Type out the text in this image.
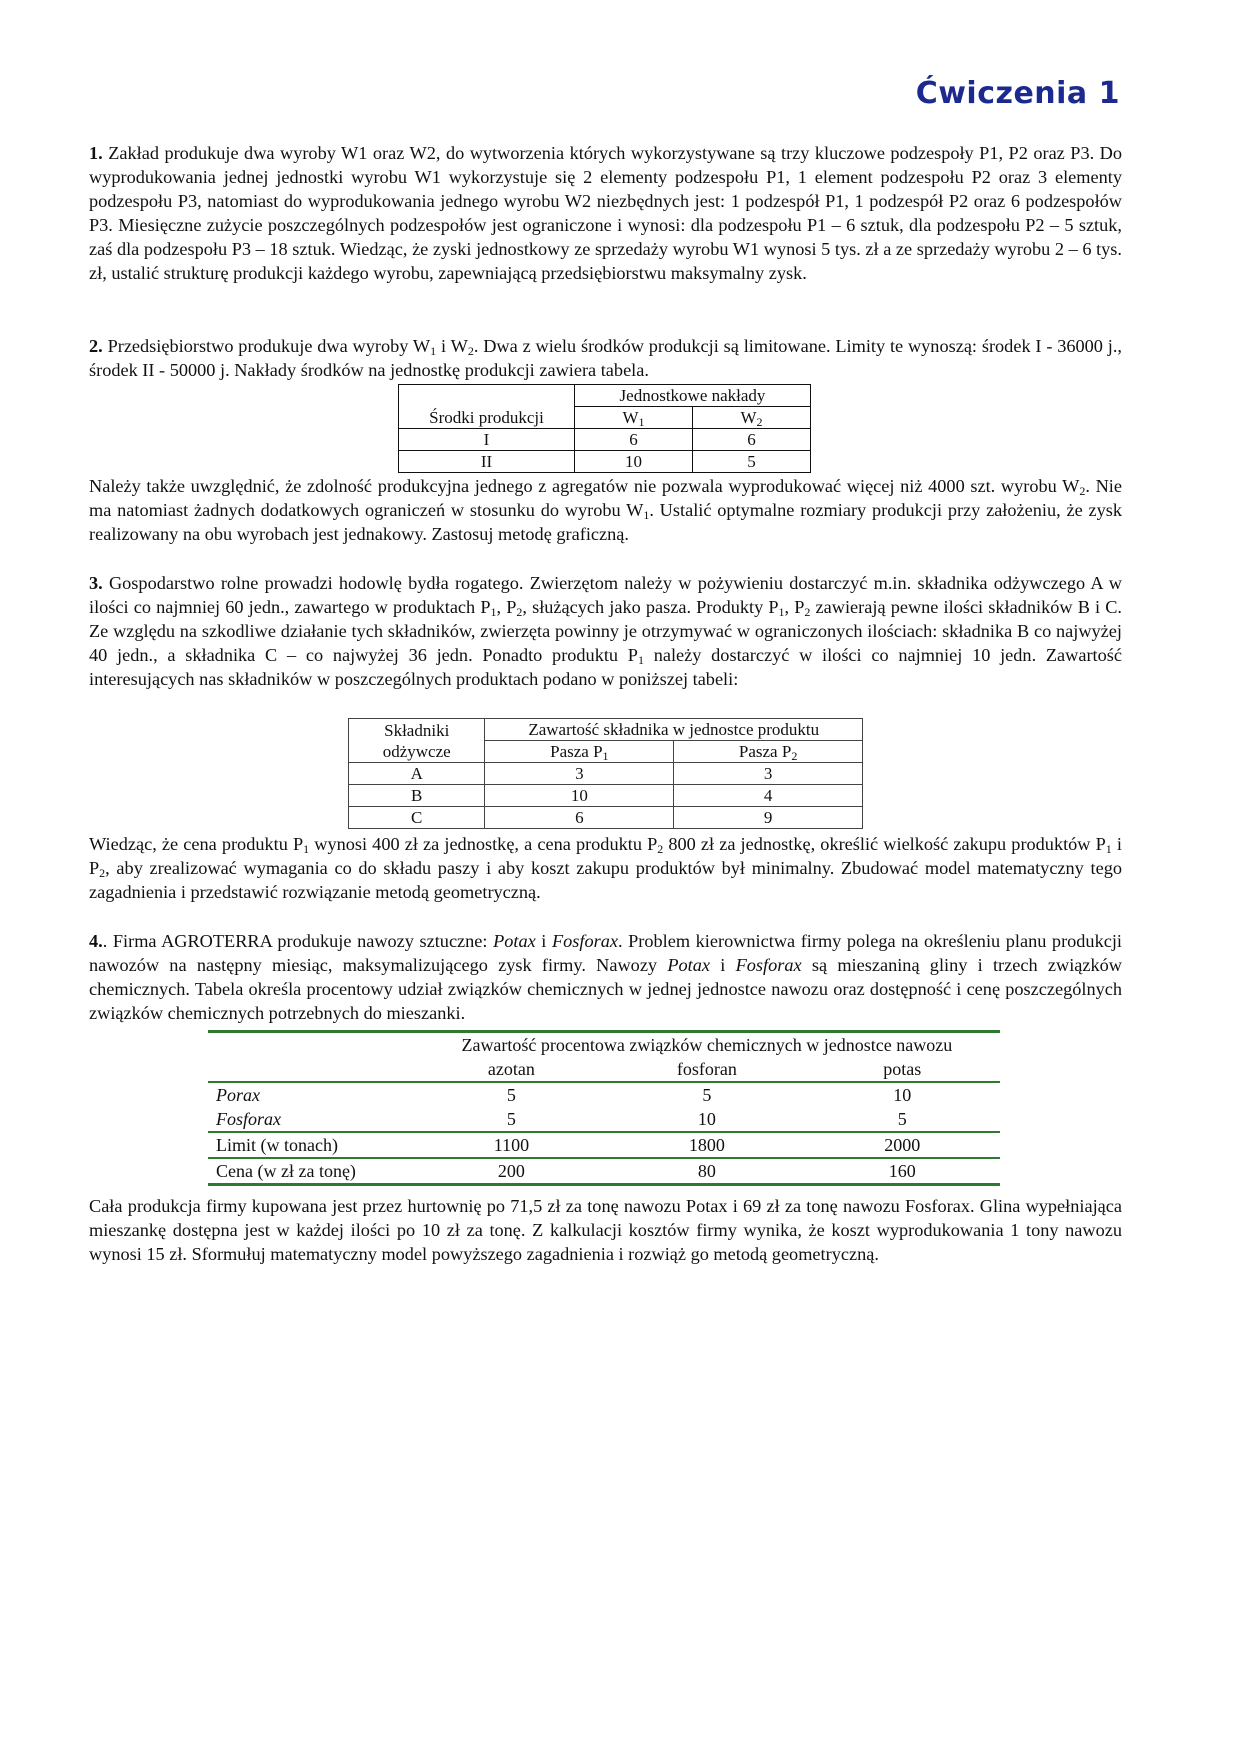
Ćwiczenia 1
1. Zakład produkuje dwa wyroby W1 oraz W2, do wytworzenia których wykorzystywane są trzy kluczowe podzespoły P1, P2 oraz P3. Do wyprodukowania jednej jednostki wyrobu W1 wykorzystuje się 2 elementy podzespołu P1, 1 element podzespołu P2 oraz 3 elementy podzespołu P3, natomiast do wyprodukowania jednego wyrobu W2 niezbędnych jest: 1 podzespół P1, 1 podzespół P2 oraz 6 podzespołów P3. Miesięczne zużycie poszczególnych podzespołów jest ograniczone i wynosi: dla podzespołu P1 – 6 sztuk, dla podzespołu P2 – 5 sztuk, zaś dla podzespołu P3 – 18 sztuk. Wiedząc, że zyski jednostkowy ze sprzedaży wyrobu W1 wynosi 5 tys. zł a ze sprzedaży wyrobu 2 – 6 tys. zł, ustalić strukturę produkcji każdego wyrobu, zapewniającą przedsiębiorstwu maksymalny zysk.
2. Przedsiębiorstwo produkuje dwa wyroby $W_1$ i $W_2$. Dwa z wielu środków produkcji są limitowane. Limity te wynoszą: środek I - 36000 j., środek II - 50000 j. Nakłady środków na jednostkę produkcji zawiera tabela.
Środki produkcji	Jednostkowe nakłady	
	$W_1$	$W_2$
I	6	6
II	10	5
Należy także uwzględnić, że zdolność produkcyjna jednego z agregatów nie pozwala wyprodukować więcej niż 4000 szt. wyrobu $W_2$. Nie ma natomiast żadnych dodatkowych ograniczeń w stosunku do wyrobu $W_1$. Ustalić optymalne rozmiary produkcji przy założeniu, że zysk realizowany na obu wyrobach jest jednakowy. Zastosuj metodę graficzną.
3. Gospodarstwo rolne prowadzi hodowlę bydła rogatego. Zwierzętom należy w pożywieniu dostarczyć m.in. składnika odżywczego A w ilości co najmniej 60 jedn., zawartego w produktach $P_1$, $P_2$, służących jako pasza. Produkty $P_1$, $P_2$ zawierają pewne ilości składników B i C. Ze względu na szkodliwe działanie tych składników, zwierzęta powinny je otrzymywać w ograniczonych ilościach: składnika B co najwyżej 40 jedn., a składnika C – co najwyżej 36 jedn. Ponadto produktu $P_1$ należy dostarczyć w ilości co najmniej 10 jedn. Zawartość interesujących nas składników w poszczególnych produktach podano w poniższej tabeli:
Składniki odżywcze	Zawartość składnika w jednostce produktu	
	Pasza $P_1$	Pasza $P_2$
A	3	3
B	10	4
C	6	9
Wiedząc, że cena produktu $P_1$ wynosi 400 zł za jednostkę, a cena produktu $P_2$ 800 zł za jednostkę, określić wielkość zakupu produktów $P_1$ i $P_2$, aby zrealizować wymagania co do składu paszy i aby koszt zakupu produktów był minimalny. Zbudować model matematyczny tego zagadnienia i przedstawić rozwiązanie metodą geometryczną.
4.. Firma AGROTERRA produkuje nawozy sztuczne: Potax i Fosforax. Problem kierownictwa firmy polega na określeniu planu produkcji nawozów na następny miesiąc, maksymalizującego zysk firmy. Nawozy Potax i Fosforax są mieszaniną gliny i trzech związków chemicznych. Tabela określa procentowy udział związków chemicznych w jednej jednostce nawozu oraz dostępność i cenę poszczególnych związków chemicznych potrzebnych do mieszanki.
	Zawartość procentowa związków chemicznych w jednostce nawozu		
	azotan	fosforan	potas
Porax	5	5	10
Fosforax	5	10	5
Limit (w tonach)	1100	1800	2000
Cena (w zł za tonę)	200	80	160
Cała produkcja firmy kupowana jest przez hurtownię po 71,5 zł za tonę nawozu Potax i 69 zł za tonę nawozu Fosforax. Glina wypełniająca mieszankę dostępna jest w każdej ilości po 10 zł za tonę. Z kalkulacji kosztów firmy wynika, że koszt wyprodukowania 1 tony nawozu wynosi 15 zł. Sformułuj matematyczny model powyższego zagadnienia i rozwiąż go metodą geometryczną.
